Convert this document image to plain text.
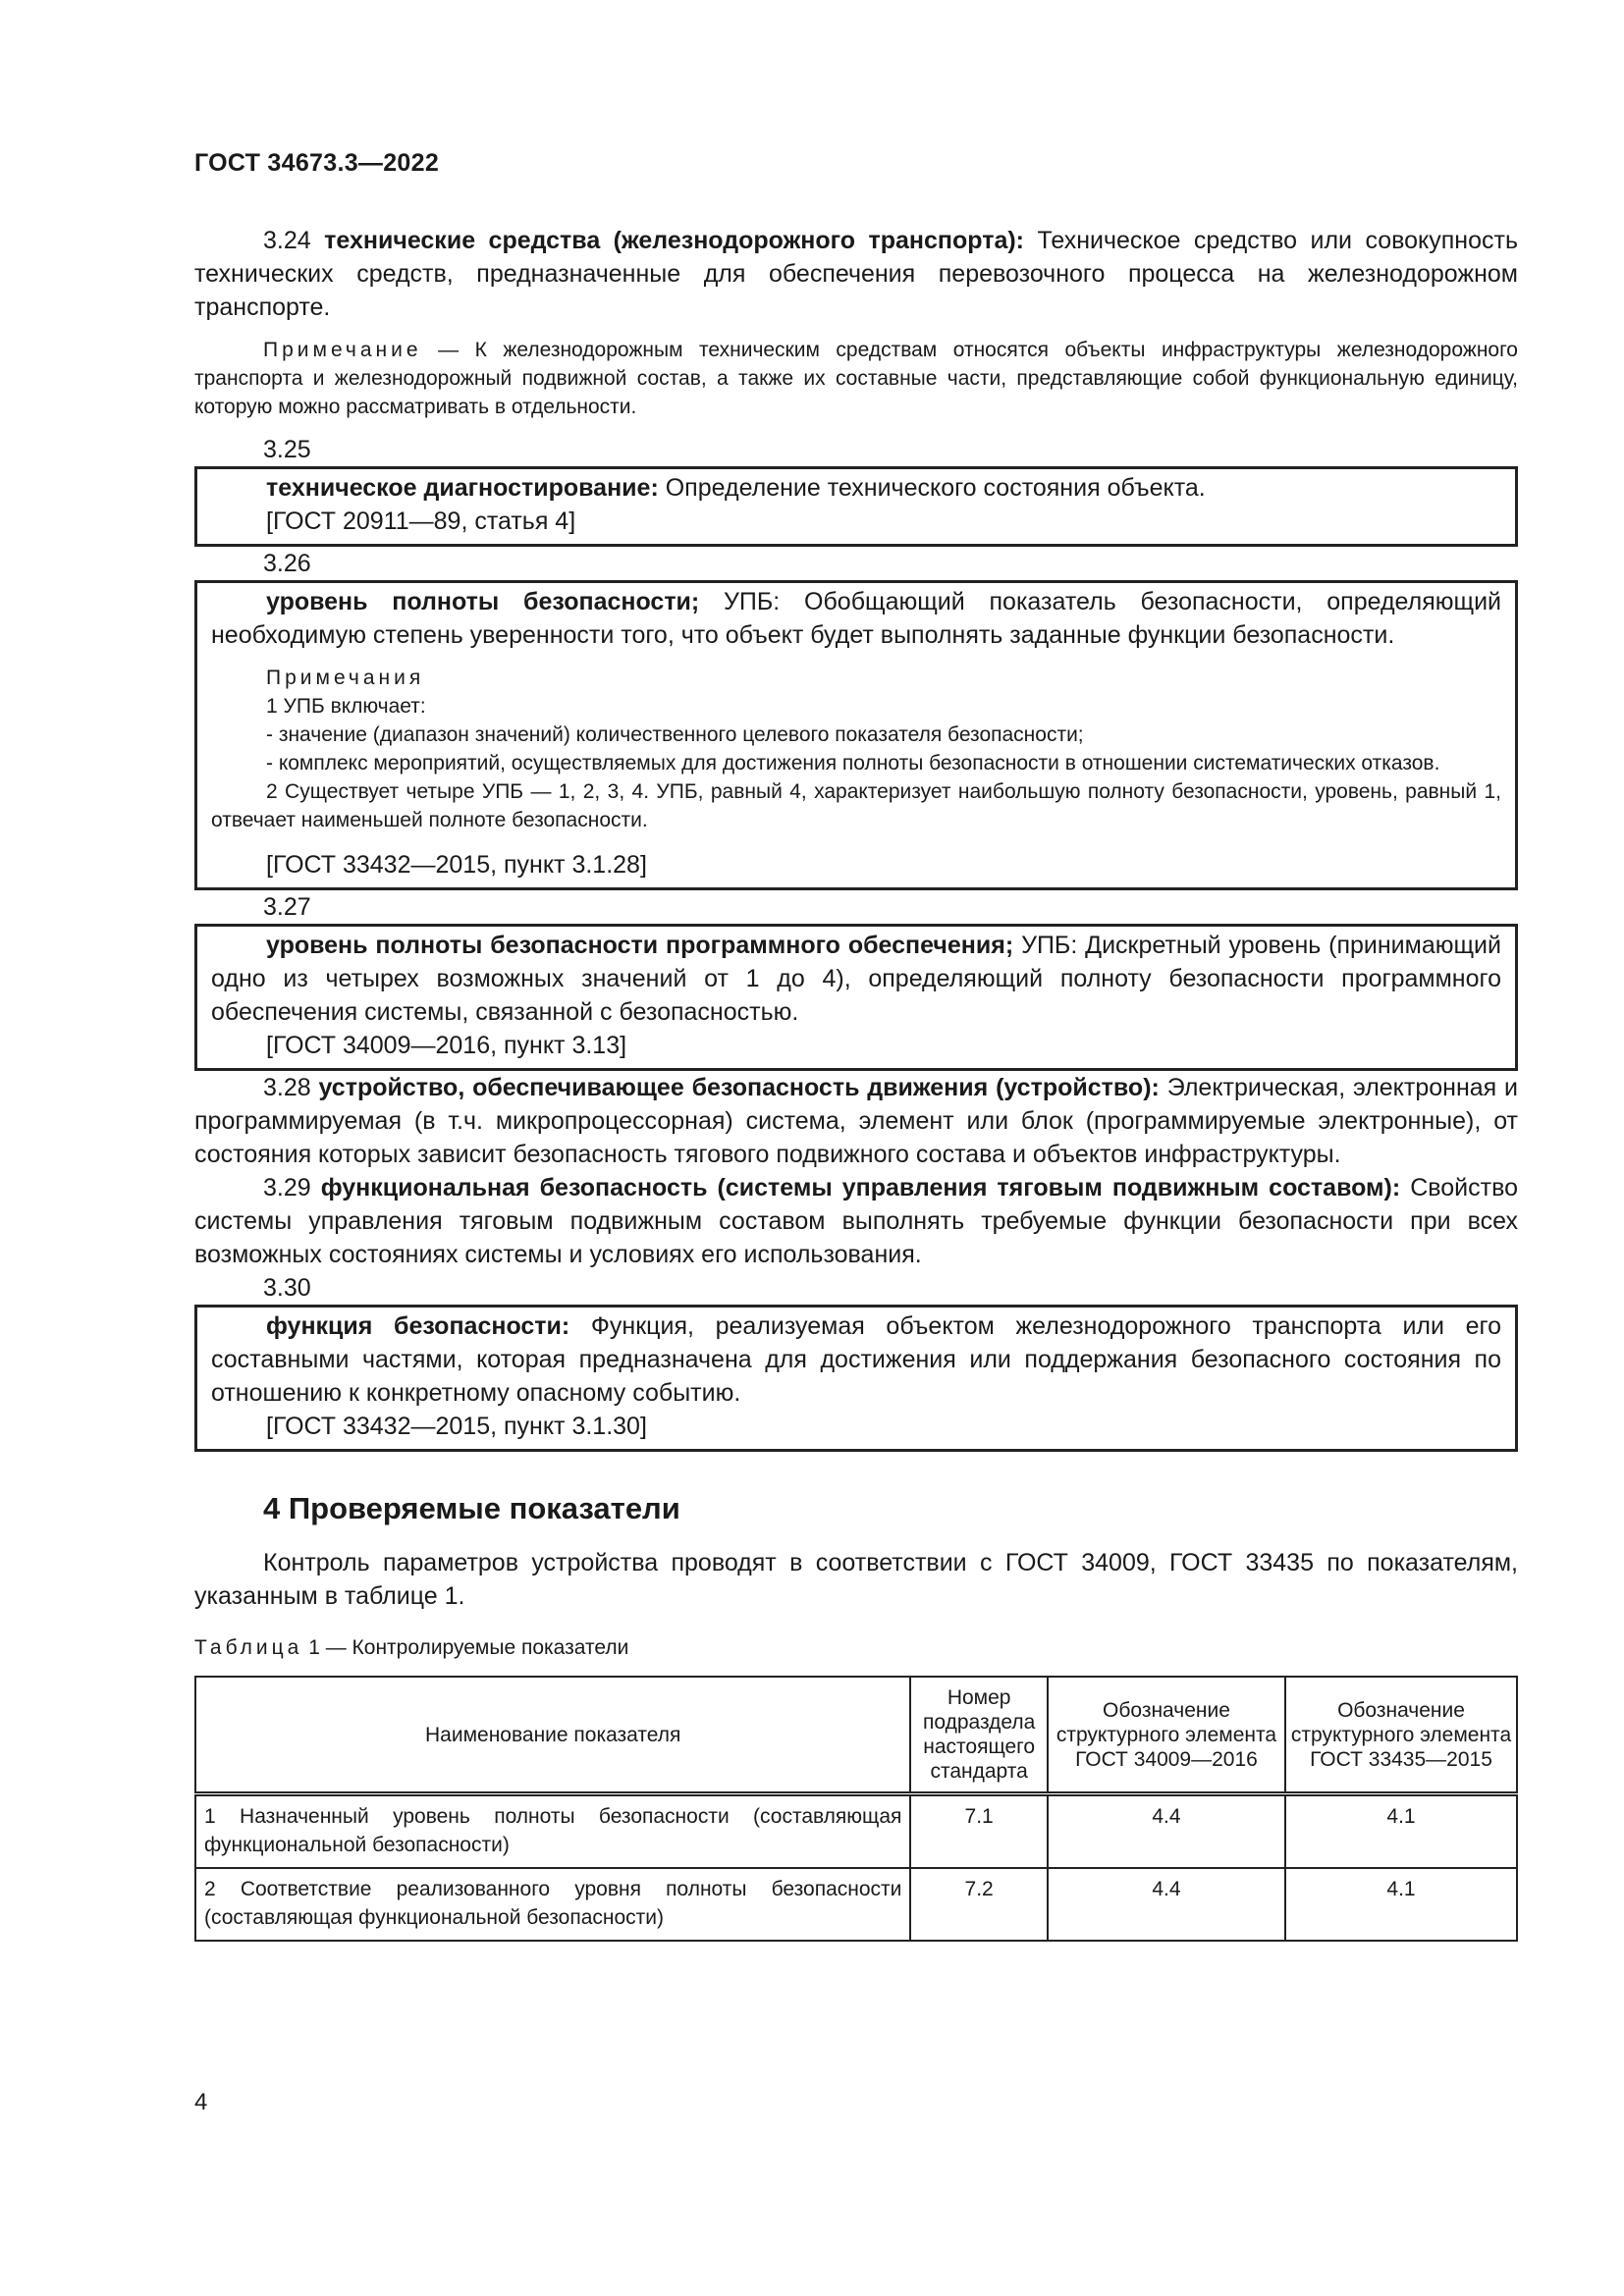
ГОСТ 34673.3—2022

3.24 технические средства (железнодорожного транспорта): Техническое средство или совокупность технических средств, предназначенные для обеспечения перевозочного процесса на железнодорожном транспорте.

Примечание — К железнодорожным техническим средствам относятся объекты инфраструктуры железнодорожного транспорта и железнодорожный подвижной состав, а также их составные части, представляющие собой функциональную единицу, которую можно рассматривать в отдельности.

3.25

техническое диагностирование: Определение технического состояния объекта.

[ГОСТ 20911—89, статья 4]

3.26

уровень полноты безопасности; УПБ: Обобщающий показатель безопасности, определяющий необходимую степень уверенности того, что объект будет выполнять заданные функции безопасности.

Примечания

1 УПБ включает:

- значение (диапазон значений) количественного целевого показателя безопасности;

- комплекс мероприятий, осуществляемых для достижения полноты безопасности в отношении систематических отказов.

2 Существует четыре УПБ — 1, 2, 3, 4. УПБ, равный 4, характеризует наибольшую полноту безопасности, уровень, равный 1, отвечает наименьшей полноте безопасности.

[ГОСТ 33432—2015, пункт 3.1.28]

3.27

уровень полноты безопасности программного обеспечения; УПБ: Дискретный уровень (принимающий одно из четырех возможных значений от 1 до 4), определяющий полноту безопасности программного обеспечения системы, связанной с безопасностью.

[ГОСТ 34009—2016, пункт 3.13]

3.28 устройство, обеспечивающее безопасность движения (устройство): Электрическая, электронная и программируемая (в т.ч. микропроцессорная) система, элемент или блок (программируемые электронные), от состояния которых зависит безопасность тягового подвижного состава и объектов инфраструктуры.

3.29 функциональная безопасность (системы управления тяговым подвижным составом): Свойство системы управления тяговым подвижным составом выполнять требуемые функции безопасности при всех возможных состояниях системы и условиях его использования.

3.30

функция безопасности: Функция, реализуемая объектом железнодорожного транспорта или его составными частями, которая предназначена для достижения или поддержания безопасного состояния по отношению к конкретному опасному событию.

[ГОСТ 33432—2015, пункт 3.1.30]

4 Проверяемые показатели

Контроль параметров устройства проводят в соответствии с ГОСТ 34009, ГОСТ 33435 по показателям, указанным в таблице 1.

Таблица 1 — Контролируемые показатели
Наименование показателя	Номер подраздела настоящего стандарта	Обозначение структурного элемента ГОСТ 34009—2016	Обозначение структурного элемента ГОСТ 33435—2015
1 Назначенный уровень полноты безопасности (составляющая функциональной безопасности)	7.1	4.4	4.1
2 Соответствие реализованного уровня полноты безопасности (составляющая функциональной безопасности)	7.2	4.4	4.1
4
